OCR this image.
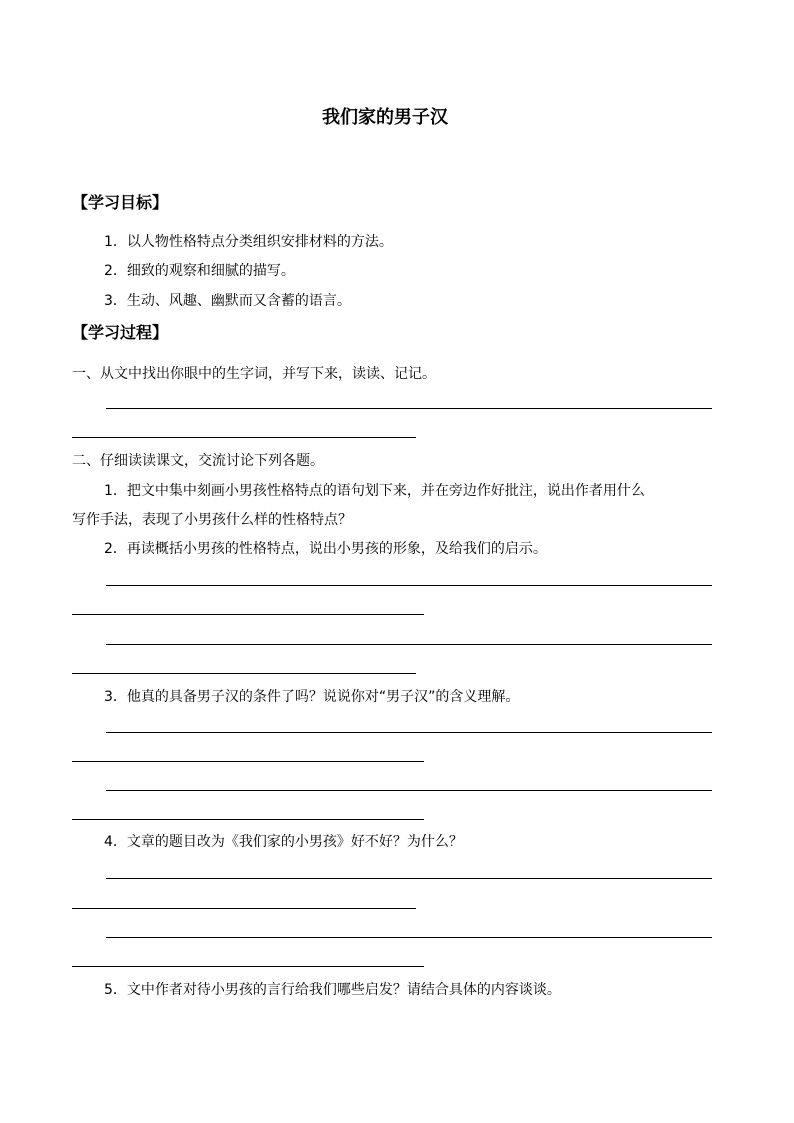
我们家的男子汉
【学习目标】
1．以人物性格特点分类组织安排材料的方法。
2．细致的观察和细腻的描写。
3．生动、风趣、幽默而又含蓄的语言。
【学习过程】
一、从文中找出你眼中的生字词，并写下来，读读、记记。
二、仔细读读课文，交流讨论下列各题。
1．把文中集中刻画小男孩性格特点的语句划下来，并在旁边作好批注，说出作者用什么
写作手法，表现了小男孩什么样的性格特点？
2．再读概括小男孩的性格特点，说出小男孩的形象，及给我们的启示。
3．他真的具备男子汉的条件了吗？说说你对“男子汉”的含义理解。
4．文章的题目改为《我们家的小男孩》好不好？为什么？
5．文中作者对待小男孩的言行给我们哪些启发？请结合具体的内容谈谈。
